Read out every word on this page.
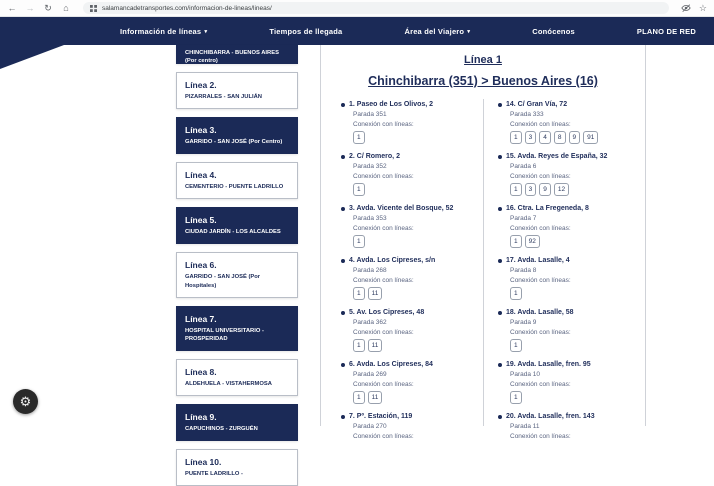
← → ↻ ⌂	salamancadetransportes.com/informacion-de-lineas/lineas/	☆
Información de líneas ▾	Tiempos de llegada	Área del Viajero ▾	Conócenos	PLANO DE RED
CHINCHIBARRA - BUENOS AIRES (Por centro)
Línea 2.
PIZARRALES - SAN JULIÁN
Línea 3.
GARRIDO - SAN JOSÉ (Por Centro)
Línea 4.
CEMENTERIO - PUENTE LADRILLO
Línea 5.
CIUDAD JARDÍN - LOS ALCALDES
Línea 6.
GARRIDO - SAN JOSÉ (Por Hospitales)
Línea 7.
HOSPITAL UNIVERSITARIO - PROSPERIDAD
Línea 8.
ALDEHUELA - VISTAHERMOSA
Línea 9.
CAPUCHINOS - ZURGUÉN
Línea 10.
PUENTE LADRILLO -
Línea 1
Chinchibarra (351) > Buenos Aires (16)
1. Paseo de Los Olivos, 2
Parada 351
Conexión con líneas:
1
2. C/ Romero, 2
Parada 352
Conexión con líneas:
1
3. Avda. Vicente del Bosque, 52
Parada 353
Conexión con líneas:
1
4. Avda. Los Cipreses, s/n
Parada 268
Conexión con líneas:
1	11
5. Av. Los Cipreses, 48
Parada 362
Conexión con líneas:
1	11
6. Avda. Los Cipreses, 84
Parada 269
Conexión con líneas:
1	11
7. Pº. Estación, 119
Parada 270
Conexión con líneas:
14. C/ Gran Vía, 72
Parada 333
Conexión con líneas:
1	3	4	8	9	91
15. Avda. Reyes de España, 32
Parada 6
Conexión con líneas:
1	3	9	12
16. Ctra. La Fregeneda, 8
Parada 7
Conexión con líneas:
1	92
17. Avda. Lasalle, 4
Parada 8
Conexión con líneas:
1
18. Avda. Lasalle, 58
Parada 9
Conexión con líneas:
1
19. Avda. Lasalle, fren. 95
Parada 10
Conexión con líneas:
1
20. Avda. Lasalle, fren. 143
Parada 11
Conexión con líneas:
⚙
